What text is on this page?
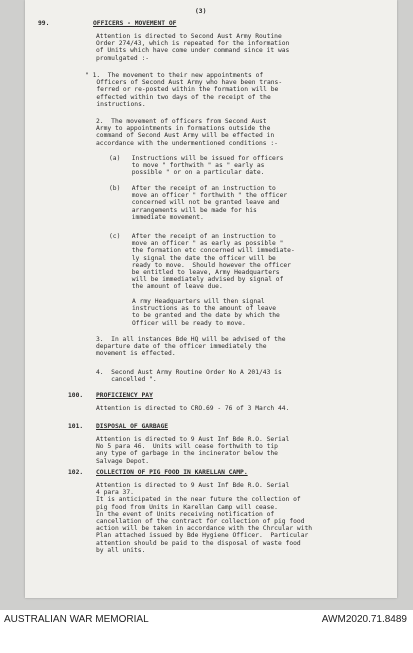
(3)
99.	OFFICERS - MOVEMENT OF
Attention is directed to Second Aust Army Routine
Order 274/43, which is repeated for the information
of Units which have come under command since it was
promulgated :-
" 1.  The movement to their new appointments of
Officers of Second Aust Army who have been trans-
ferred or re-posted within the formation will be
effected within two days of the receipt of the
instructions.
2.  The movement of officers from Second Aust
Army to appointments in formations outside the
command of Second Aust Army will be effected in
accordance with the undermentioned conditions :-
(a)   Instructions will be issued for officers
to move " forthwith " as " early as
possible " or on a particular date.
(b)   After the receipt of an instruction to
move an officer " forthwith " the officer
concerned will not be granted leave and
arrangements will be made for his
immediate movement.
(c)   After the receipt of an instruction to
move an officer " as early as possible "
the formation etc concerned will immediate-
ly signal the date the officer will be
ready to move.  Should however the officer
be entitled to leave, Army Headquarters
will be immediately advised by signal of
the amount of leave due.
A rmy Headquarters will then signal
instructions as to the amount of leave
to be granted and the date by which the
Officer will be ready to move.
3.  In all instances Bde HQ will be advised of the
departure date of the officer immediately the
movement is effected.
4.  Second Aust Army Routine Order No A 201/43 is
cancelled ".
100. PROFICIENCY PAY
Attention is directed to CRO.69 - 76 of 3 March 44.
101. DISPOSAL OF GARBAGE
Attention is directed to 9 Aust Inf Bde R.O. Serial
No 5 para 46.  Units will cease forthwith to tip
any type of garbage in the incinerator below the
Salvage Depot.
102. COLLECTION OF PIG FOOD IN KARELLAN CAMP.
Attention is directed to 9 Aust Inf Bde R.O. Serial
4 para 37.
It is anticipated in the near future the collection of
pig food from Units in Karellan Camp will cease.
In the event of Units receiving notification of
cancellation of the contract for collection of pig food
action will be taken in accordance with the Chrcular with
Plan attached issued by Bde Hygiene Officer.  Particular
attention should be paid to the disposal of waste food
by all units.
AUSTRALIAN WAR MEMORIAL	AWM2020.71.8489
